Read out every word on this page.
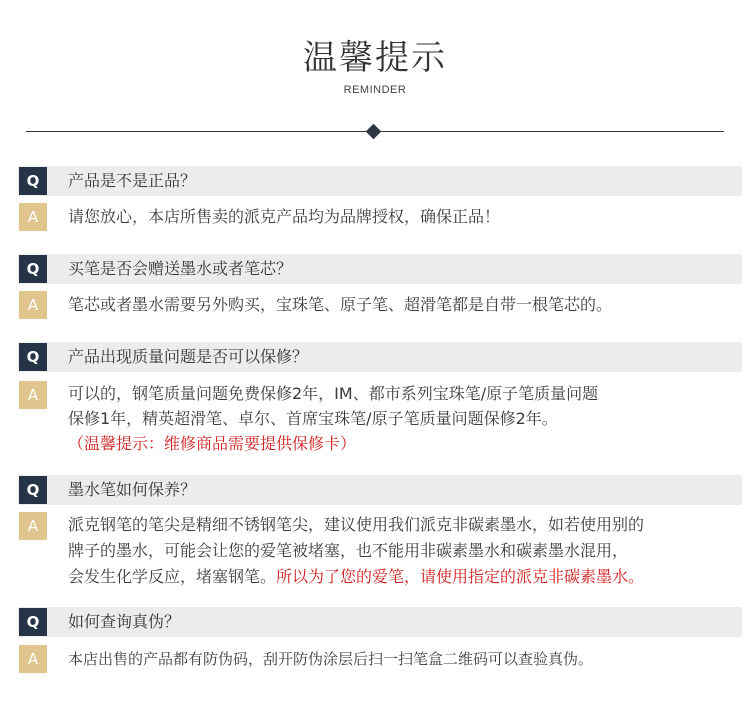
温馨提示
REMINDER
Q	产品是不是正品？
A	请您放心，本店所售卖的派克产品均为品牌授权，确保正品！
Q	买笔是否会赠送墨水或者笔芯？
A	笔芯或者墨水需要另外购买，宝珠笔、原子笔、超滑笔都是自带一根笔芯的。
Q	产品出现质量问题是否可以保修？
A	可以的，钢笔质量问题免费保修2年，IM、都市系列宝珠笔/原子笔质量问题
保修1年，精英超滑笔、卓尔、首席宝珠笔/原子笔质量问题保修2年。
（温馨提示：维修商品需要提供保修卡）
Q	墨水笔如何保养？
A	派克钢笔的笔尖是精细不锈钢笔尖，建议使用我们派克非碳素墨水，如若使用别的
牌子的墨水，可能会让您的爱笔被堵塞，也不能用非碳素墨水和碳素墨水混用，
会发生化学反应，堵塞钢笔。所以为了您的爱笔，请使用指定的派克非碳素墨水。
Q	如何查询真伪？
A	本店出售的产品都有防伪码，刮开防伪涂层后扫一扫笔盒二维码可以查验真伪。
